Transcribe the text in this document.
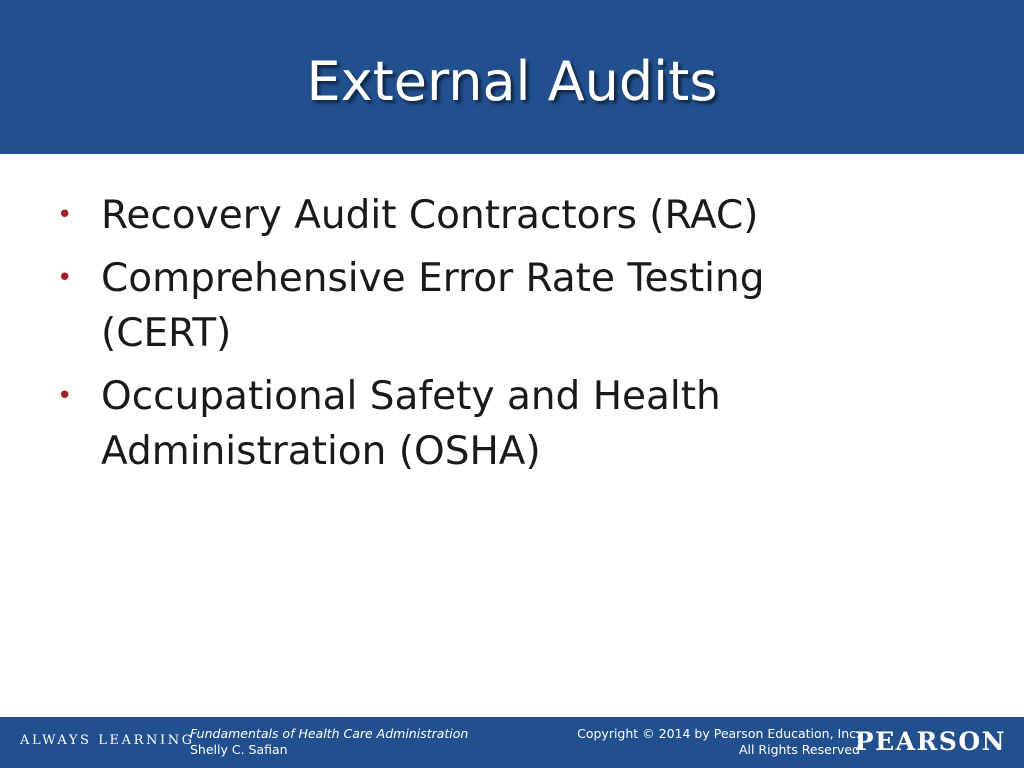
External Audits
• Recovery Audit Contractors (RAC)
• Comprehensive Error Rate Testing (CERT)
• Occupational Safety and Health Administration (OSHA)
ALWAYS LEARNING
Fundamentals of Health Care Administration
Shelly C. Safian
Copyright © 2014 by Pearson Education, Inc.
All Rights Reserved
PEARSON
